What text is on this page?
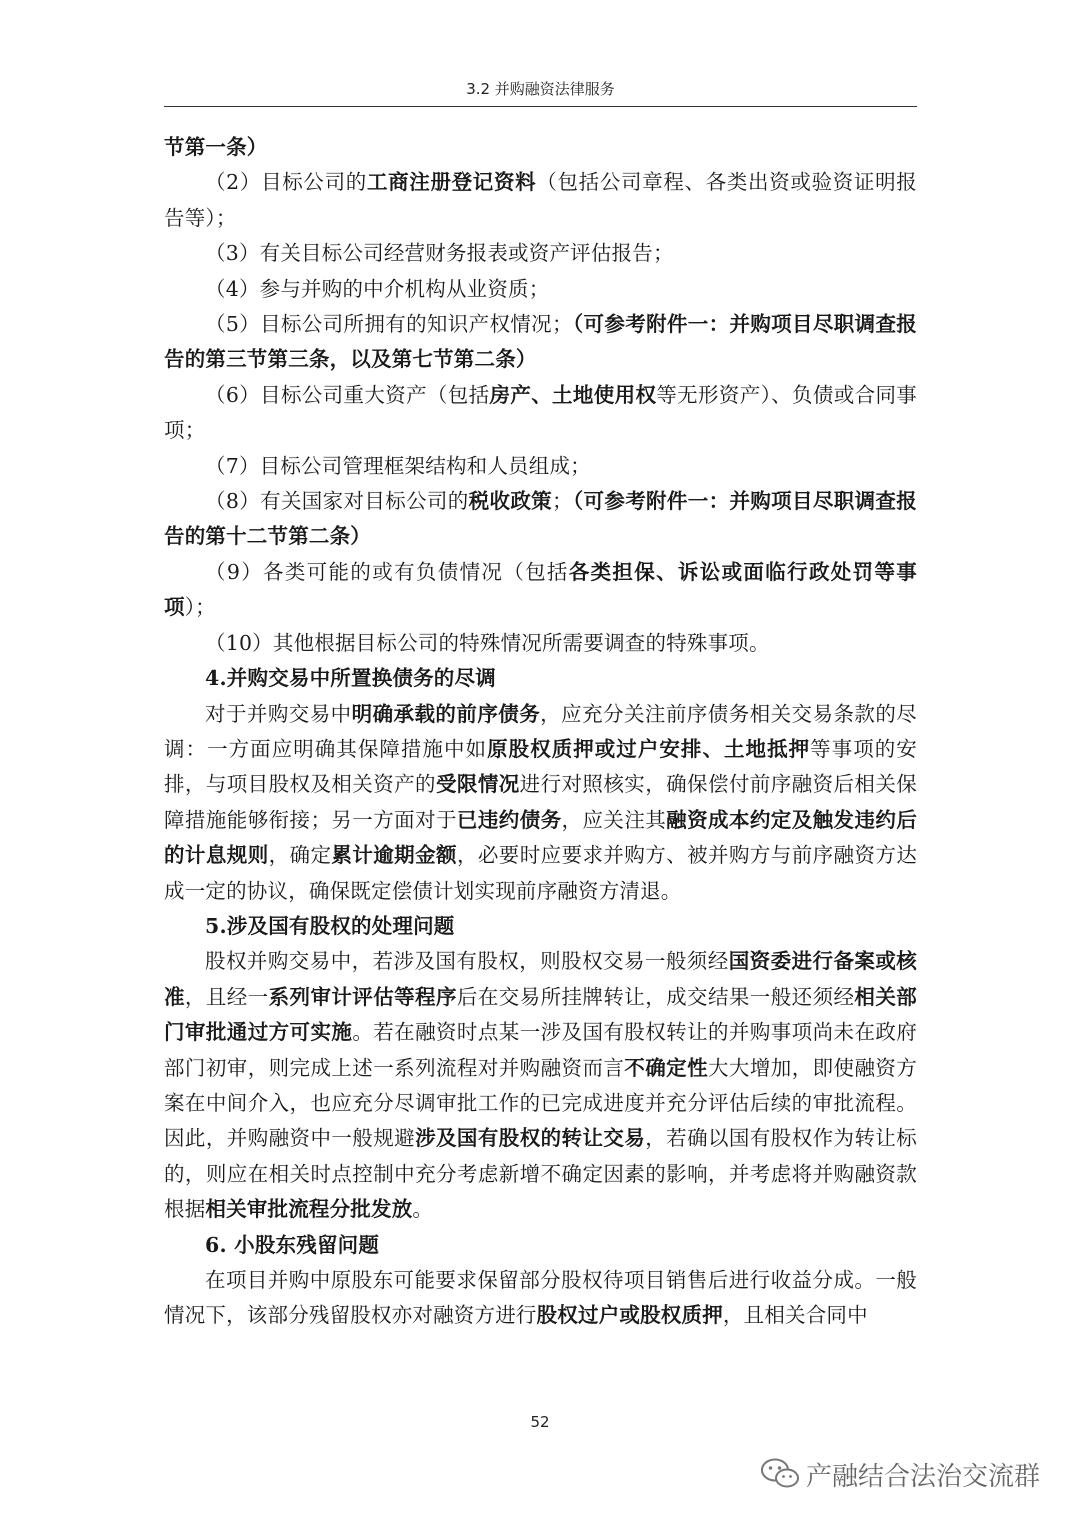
3.2 并购融资法律服务

节第一条）

（2）目标公司的工商注册登记资料（包括公司章程、各类出资或验资证明报告等）；

（3）有关目标公司经营财务报表或资产评估报告；

（4）参与并购的中介机构从业资质；

（5）目标公司所拥有的知识产权情况；（可参考附件一：并购项目尽职调查报告的第三节第三条，以及第七节第二条）

（6）目标公司重大资产（包括房产、土地使用权等无形资产）、负债或合同事项；

（7）目标公司管理框架结构和人员组成；

（8）有关国家对目标公司的税收政策；（可参考附件一：并购项目尽职调查报告的第十二节第二条）

（9）各类可能的或有负债情况（包括各类担保、诉讼或面临行政处罚等事项）；

（10）其他根据目标公司的特殊情况所需要调查的特殊事项。

4.并购交易中所置换债务的尽调

对于并购交易中明确承载的前序债务，应充分关注前序债务相关交易条款的尽调：一方面应明确其保障措施中如原股权质押或过户安排、土地抵押等事项的安排，与项目股权及相关资产的受限情况进行对照核实，确保偿付前序融资后相关保障措施能够衔接；另一方面对于已违约债务，应关注其融资成本约定及触发违约后的计息规则，确定累计逾期金额，必要时应要求并购方、被并购方与前序融资方达成一定的协议，确保既定偿债计划实现前序融资方清退。

5.涉及国有股权的处理问题

股权并购交易中，若涉及国有股权，则股权交易一般须经国资委进行备案或核准，且经一系列审计评估等程序后在交易所挂牌转让，成交结果一般还须经相关部门审批通过方可实施。若在融资时点某一涉及国有股权转让的并购事项尚未在政府部门初审，则完成上述一系列流程对并购融资而言不确定性大大增加，即使融资方案在中间介入，也应充分尽调审批工作的已完成进度并充分评估后续的审批流程。因此，并购融资中一般规避涉及国有股权的转让交易，若确以国有股权作为转让标的，则应在相关时点控制中充分考虑新增不确定因素的影响，并考虑将并购融资款根据相关审批流程分批发放。

6. 小股东残留问题

在项目并购中原股东可能要求保留部分股权待项目销售后进行收益分成。一般情况下，该部分残留股权亦对融资方进行股权过户或股权质押，且相关合同中

52
产融结合法治交流群
